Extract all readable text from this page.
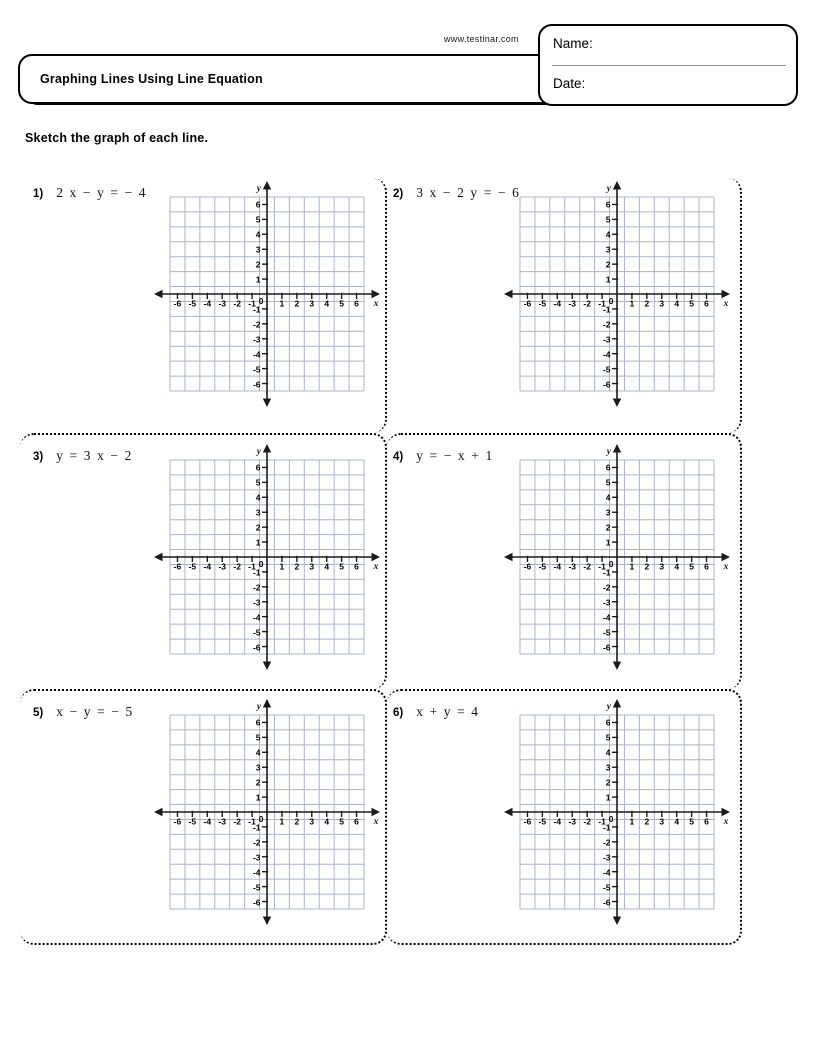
www.testinar.com
Graphing Lines Using Line Equation
Name:
Date:
Sketch the graph of each line.
1) 2 x − y = − 4
1
-1
1
-1
2
-2
2
-2
3
-3
3
-3
4
-4
4
-4
5
-5
5
-5
6
-6
6
-6
0
y
x
2) 3 x − 2 y = − 6
1
-1
1
-1
2
-2
2
-2
3
-3
3
-3
4
-4
4
-4
5
-5
5
-5
6
-6
6
-6
0
y
x
3) y = 3 x − 2
1
-1
1
-1
2
-2
2
-2
3
-3
3
-3
4
-4
4
-4
5
-5
5
-5
6
-6
6
-6
0
y
x
4) y = − x + 1
1
-1
1
-1
2
-2
2
-2
3
-3
3
-3
4
-4
4
-4
5
-5
5
-5
6
-6
6
-6
0
y
x
5) x − y = − 5
1
-1
1
-1
2
-2
2
-2
3
-3
3
-3
4
-4
4
-4
5
-5
5
-5
6
-6
6
-6
0
y
x
6) x + y = 4
1
-1
1
-1
2
-2
2
-2
3
-3
3
-3
4
-4
4
-4
5
-5
5
-5
6
-6
6
-6
0
y
x
